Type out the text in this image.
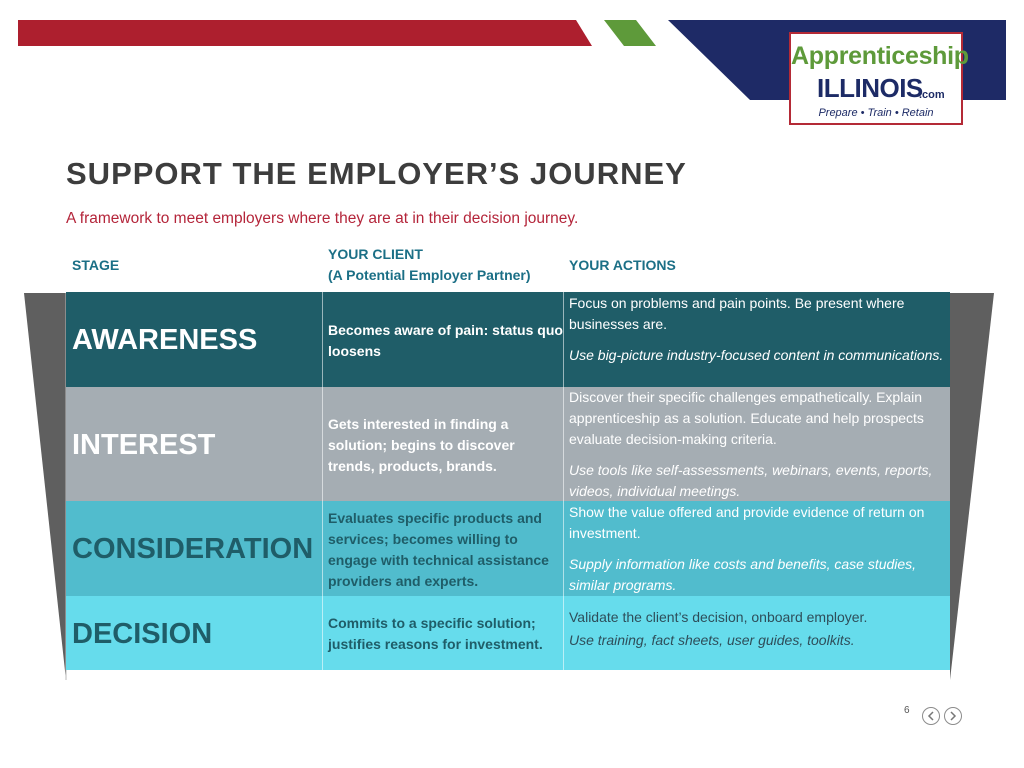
Apprenticeship
ILLINOIS
.com
Prepare • Train • Retain
SUPPORT THE EMPLOYER’S JOURNEY
A framework to meet employers where they are at in their decision journey.
STAGE
YOUR CLIENT
(A Potential Employer Partner)
YOUR ACTIONS
AWARENESS	Becomes aware of pain: status quo loosens
Focus on problems and pain points. Be present where businesses are.
Use big-picture industry-focused content in communications.
INTEREST
Gets interested in finding a solution; begins to discover trends, products, brands.
Discover their specific challenges empathetically. Explain apprenticeship as a solution. Educate and help prospects evaluate decision-making criteria.
Use tools like self-assessments, webinars, events, reports, videos, individual meetings.
CONSIDERATION
Evaluates specific products and services; becomes willing to engage with technical assistance providers and experts.
Show the value offered and provide evidence of return on investment.
Supply information like costs and benefits, case studies, similar programs.
DECISION	Commits to a specific solution; justifies reasons for investment.
Validate the client’s decision, onboard employer.
Use training, fact sheets, user guides, toolkits.
6
